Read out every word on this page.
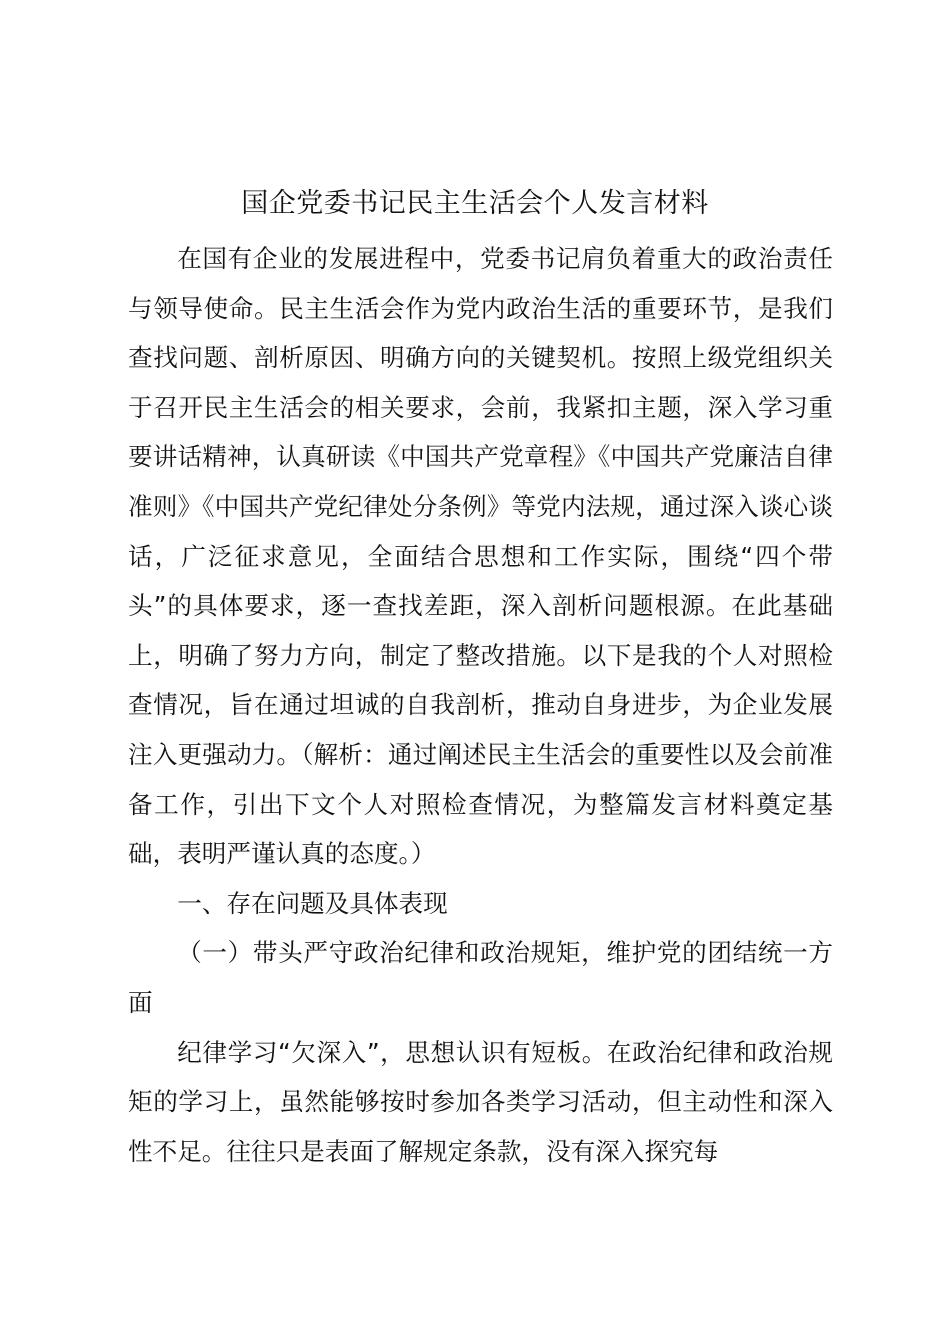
国企党委书记民主生活会个人发言材料

在国有企业的发展进程中，党委书记肩负着重大的政治责任与领导使命。民主生活会作为党内政治生活的重要环节，是我们查找问题、剖析原因、明确方向的关键契机。按照上级党组织关于召开民主生活会的相关要求，会前，我紧扣主题，深入学习重要讲话精神，认真研读《中国共产党章程》《中国共产党廉洁自律准则》《中国共产党纪律处分条例》等党内法规，通过深入谈心谈话，广泛征求意见，全面结合思想和工作实际，围绕“四个带头”的具体要求，逐一查找差距，深入剖析问题根源。在此基础上，明确了努力方向，制定了整改措施。以下是我的个人对照检查情况，旨在通过坦诚的自我剖析，推动自身进步，为企业发展注入更强动力。（解析：通过阐述民主生活会的重要性以及会前准备工作，引出下文个人对照检查情况，为整篇发言材料奠定基础，表明严谨认真的态度。）

一、存在问题及具体表现

（一）带头严守政治纪律和政治规矩，维护党的团结统一方面

纪律学习“欠深入”，思想认识有短板。在政治纪律和政治规矩的学习上，虽然能够按时参加各类学习活动，但主动性和深入性不足。往往只是表面了解规定条款，没有深入探究每
